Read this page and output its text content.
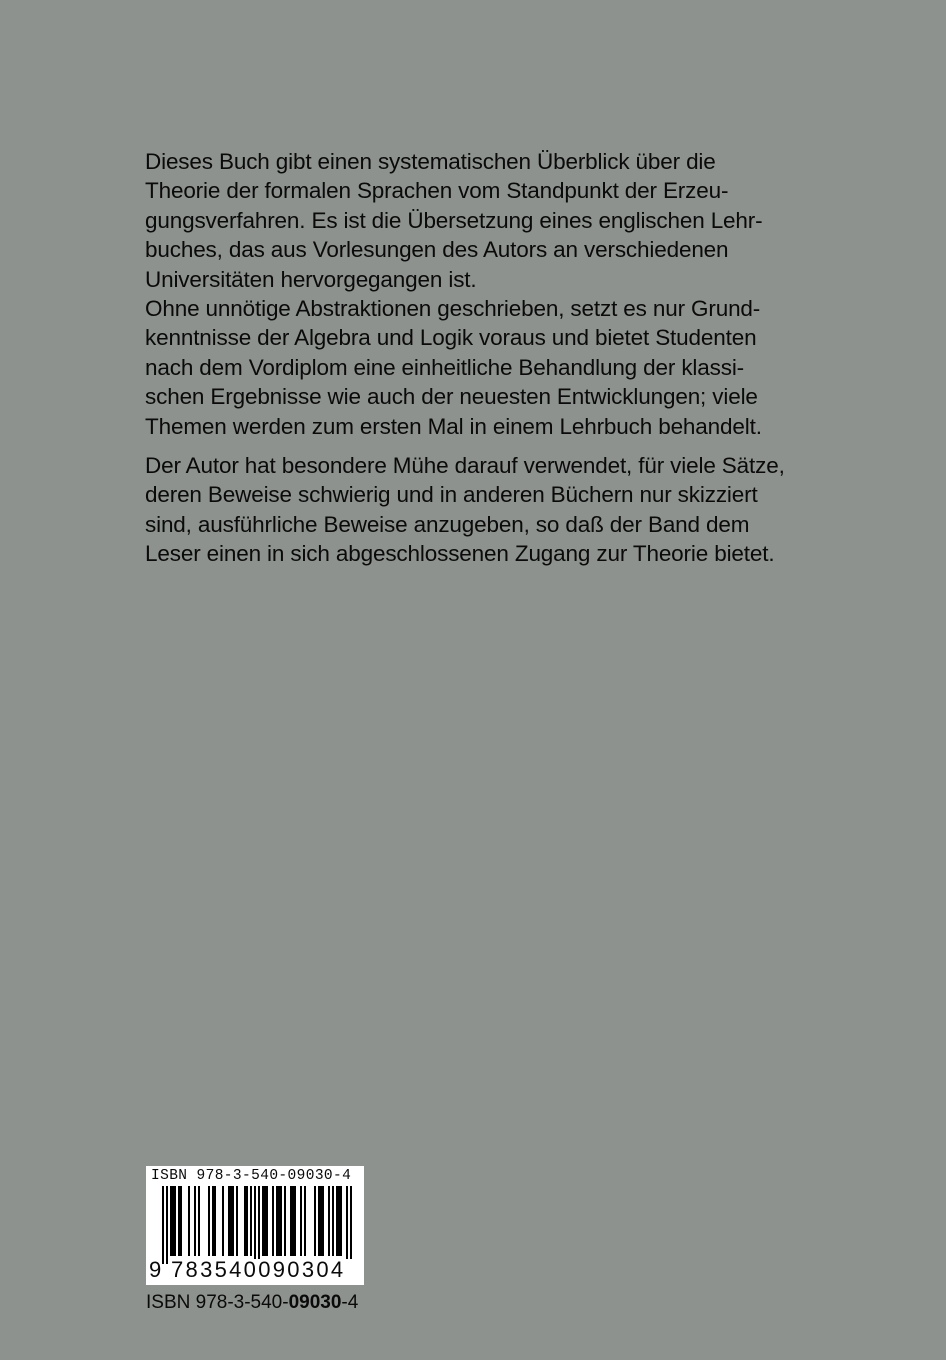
Dieses Buch gibt einen systematischen Überblick über die
Theorie der formalen Sprachen vom Standpunkt der Erzeu-
gungsverfahren. Es ist die Übersetzung eines englischen Lehr-
buches, das aus Vorlesungen des Autors an verschiedenen
Universitäten hervorgegangen ist.

Ohne unnötige Abstraktionen geschrieben, setzt es nur Grund-
kenntnisse der Algebra und Logik voraus und bietet Studenten
nach dem Vordiplom eine einheitliche Behandlung der klassi-
schen Ergebnisse wie auch der neuesten Entwicklungen; viele
Themen werden zum ersten Mal in einem Lehrbuch behandelt.

Der Autor hat besondere Mühe darauf verwendet, für viele Sätze,
deren Beweise schwierig und in anderen Büchern nur skizziert
sind, ausführliche Beweise anzugeben, so daß der Band dem
Leser einen in sich abgeschlossenen Zugang zur Theorie bietet.

ISBN 978-3-540-09030-4
9 783540090304
ISBN 978-3-540-09030-4
